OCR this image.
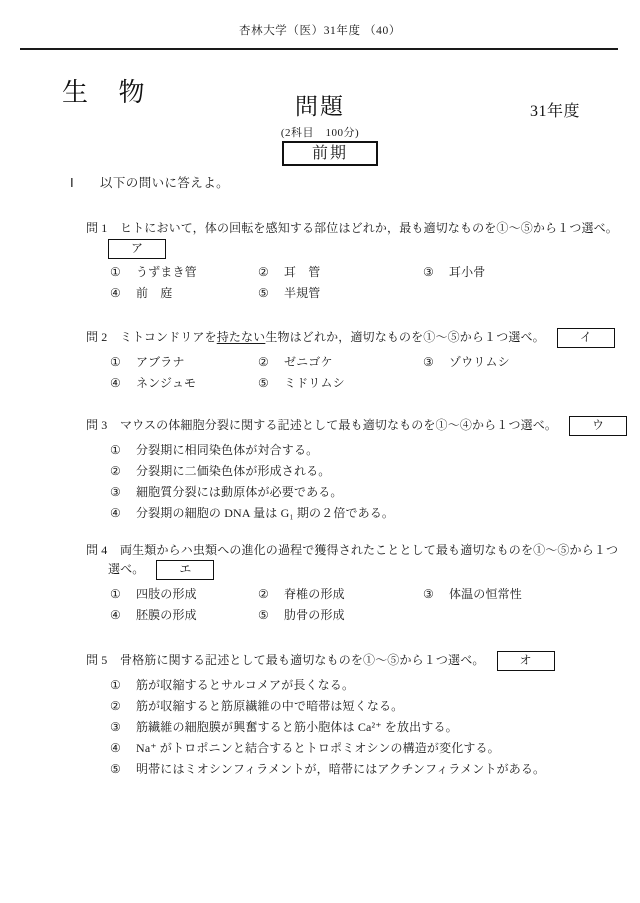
杏林大学（医）31年度 （40）
生 物	問題
(2科目　100分)
前期
31年度
Ⅰ 以下の問いに答えよ。
問 1 ヒトにおいて，体の回転を感知する部位はどれか，最も適切なものを①～⑤から１つ選べ。
ア
①	うずまき管	②	耳　管	③	耳小骨
④	前　庭	⑤	半規管
問 2 ミトコンドリアを持たない生物はどれか，適切なものを①～⑤から１つ選べ。	イ
①	アブラナ	②	ゼニゴケ	③	ゾウリムシ
④	ネンジュモ	⑤	ミドリムシ
問 3 マウスの体細胞分裂に関する記述として最も適切なものを①～④から１つ選べ。	ウ
①	分裂期に相同染色体が対合する。
②	分裂期に二価染色体が形成される。
③	細胞質分裂には動原体が必要である。
④	分裂期の細胞の DNA 量は G₁ 期の２倍である。
問 4 両生類からハ虫類への進化の過程で獲得されたこととして最も適切なものを①～⑤から１つ
選べ。	エ
①	四肢の形成	②	脊椎の形成	③	体温の恒常性
④	胚膜の形成	⑤	肋骨の形成
問 5 骨格筋に関する記述として最も適切なものを①～⑤から１つ選べ。	オ
①	筋が収縮するとサルコメアが長くなる。
②	筋が収縮すると筋原繊維の中で暗帯は短くなる。
③	筋繊維の細胞膜が興奮すると筋小胞体は Ca²⁺ を放出する。
④	Na⁺ がトロポニンと結合するとトロポミオシンの構造が変化する。
⑤	明帯にはミオシンフィラメントが，暗帯にはアクチンフィラメントがある。
